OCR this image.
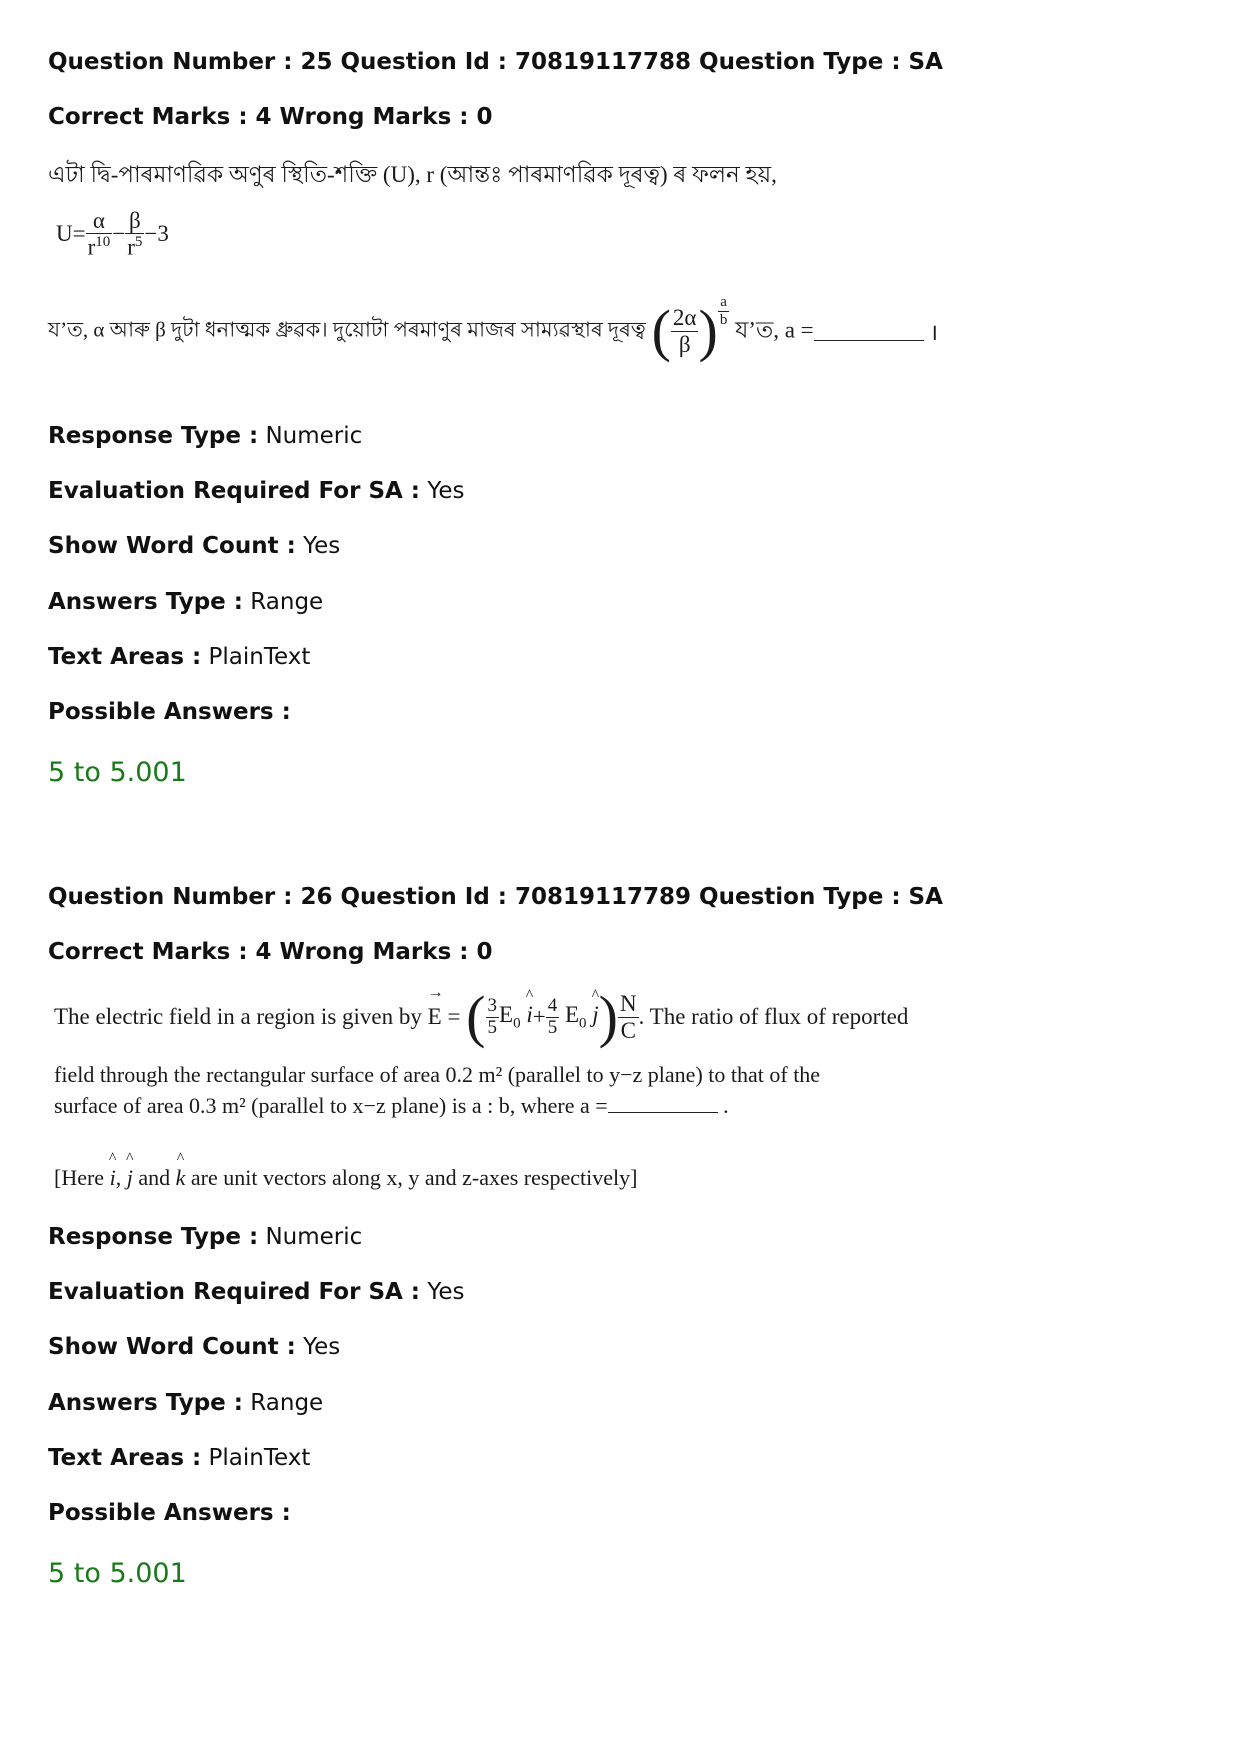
Question Number : 25 Question Id : 70819117788 Question Type : SA
Correct Marks : 4 Wrong Marks : 0
এটা দ্বি-পাৰমাণৱিক অণুৰ স্থিতি-শক্তি (U), r (আন্তঃ পাৰমাণৱিক দূৰত্ব) ৰ ফলন হয়,
$U= \frac{\alpha}{r^{10}} - \frac{\beta}{r^5} -3$
য’ত, α আৰু β দুটা ধনাত্মক ধ্ৰুৱক। দুয়োটা পৰমাণুৰ মাজৰ সাম্যৱস্থাৰ দূৰত্ব ( $\frac{2\alpha}{\beta}$ ) $\frac{a}{b}$
য’ত, a =	।
Response Type : Numeric
Evaluation Required For SA : Yes
Show Word Count : Yes
Answers Type : Range
Text Areas : PlainText
Possible Answers :
5 to 5.001
Question Number : 26 Question Id : 70819117789 Question Type : SA
Correct Marks : 4 Wrong Marks : 0
The electric field in a region is given by
→
E = ( $\frac{3}{5} E_0$ ^ $i+ \frac{4}{5} E_0$ ^ $j) \frac{N}{C}$ . The ratio of flux of reported
field through the rectangular surface of area 0.2 m² (parallel to y−z plane) to that of the
surface of area 0.3 m² (parallel to x−z plane) is a : b, where a =	.
[Here ^ i, ^ j and ^ k are unit vectors along x, y and z-axes respectively]
Response Type : Numeric
Evaluation Required For SA : Yes
Show Word Count : Yes
Answers Type : Range
Text Areas : PlainText
Possible Answers :
5 to 5.001
